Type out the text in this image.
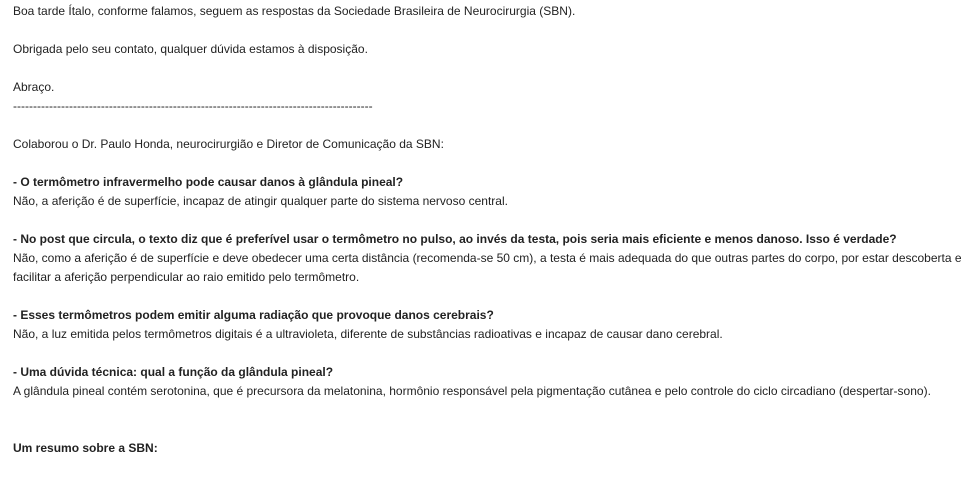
Boa tarde Ítalo, conforme falamos, seguem as respostas da Sociedade Brasileira de Neurocirurgia (SBN).
Obrigada pelo seu contato, qualquer dúvida estamos à disposição.
Abraço.
------------------------------------------------------------------------------------------
Colaborou o Dr. Paulo Honda, neurocirurgião e Diretor de Comunicação da SBN:
- O termômetro infravermelho pode causar danos à glândula pineal?
Não, a aferição é de superfície, incapaz de atingir qualquer parte do sistema nervoso central.
- No post que circula, o texto diz que é preferível usar o termômetro no pulso, ao invés da testa, pois seria mais eficiente e menos danoso. Isso é verdade?
Não, como a aferição é de superfície e deve obedecer uma certa distância (recomenda-se 50 cm), a testa é mais adequada do que outras partes do corpo, por estar descoberta e facilitar a aferição perpendicular ao raio emitido pelo termômetro.
- Esses termômetros podem emitir alguma radiação que provoque danos cerebrais?
Não, a luz emitida pelos termômetros digitais é a ultravioleta, diferente de substâncias radioativas e incapaz de causar dano cerebral.
- Uma dúvida técnica: qual a função da glândula pineal?
A glândula pineal contém serotonina, que é precursora da melatonina, hormônio responsável pela pigmentação cutânea e pelo controle do ciclo circadiano (despertar-sono).
Um resumo sobre a SBN:
